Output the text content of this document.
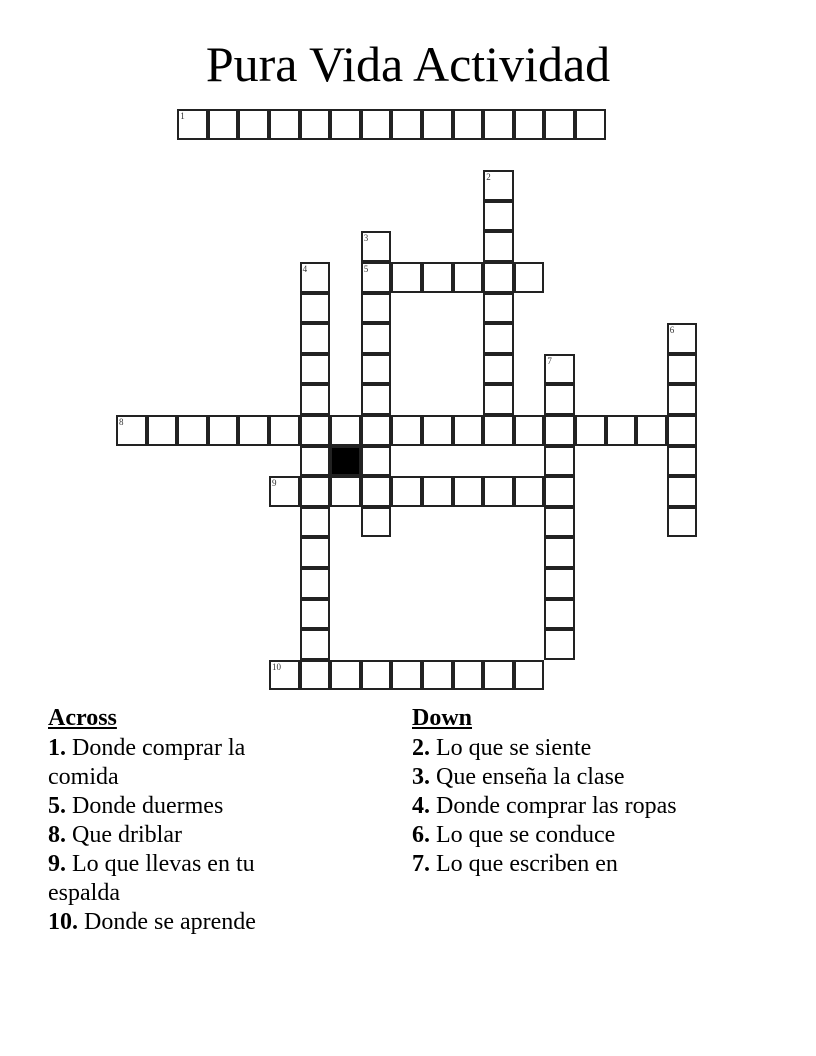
Pura Vida Actividad
1
2
3
5
4
6
7
8
9
10
Across
1. Donde comprar la comida
5. Donde duermes
8. Que driblar
9. Lo que llevas en tu espalda
10. Donde se aprende
Down
2. Lo que se siente
3. Que enseña la clase
4. Donde comprar las ropas
6. Lo que se conduce
7. Lo que escriben en
